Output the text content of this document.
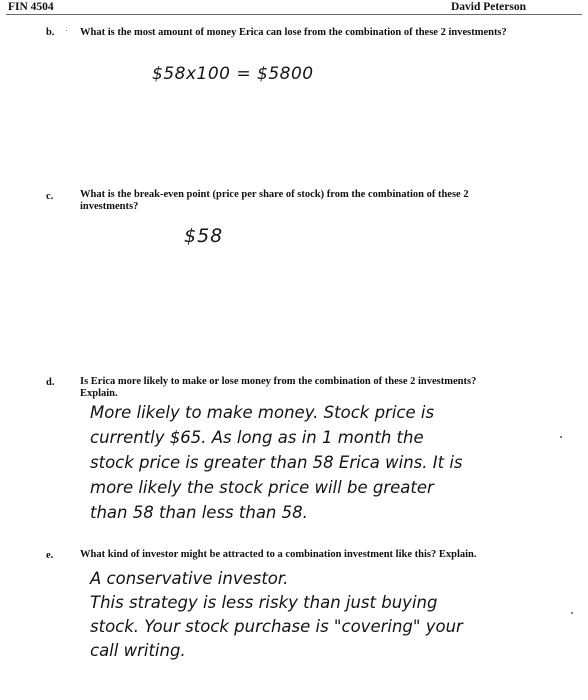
FIN 4504	David Peterson
b. What is the most amount of money Erica can lose from the combination of these 2 investments?
$58x100 = $5800
c.	What is the break-even point (price per share of stock) from the combination of these 2 investments?
$58
d. Is Erica more likely to make or lose money from the combination of these 2 investments? Explain.
More likely to make money. Stock price is
currently $65. As long as in 1 month the
stock price is greater than 58 Erica wins. It is
more likely the stock price will be greater
than 58 than less than 58.
e.	What kind of investor might be attracted to a combination investment like this? Explain.
A conservative investor.
This strategy is less risky than just buying
stock. Your stock purchase is "covering" your
call writing.
